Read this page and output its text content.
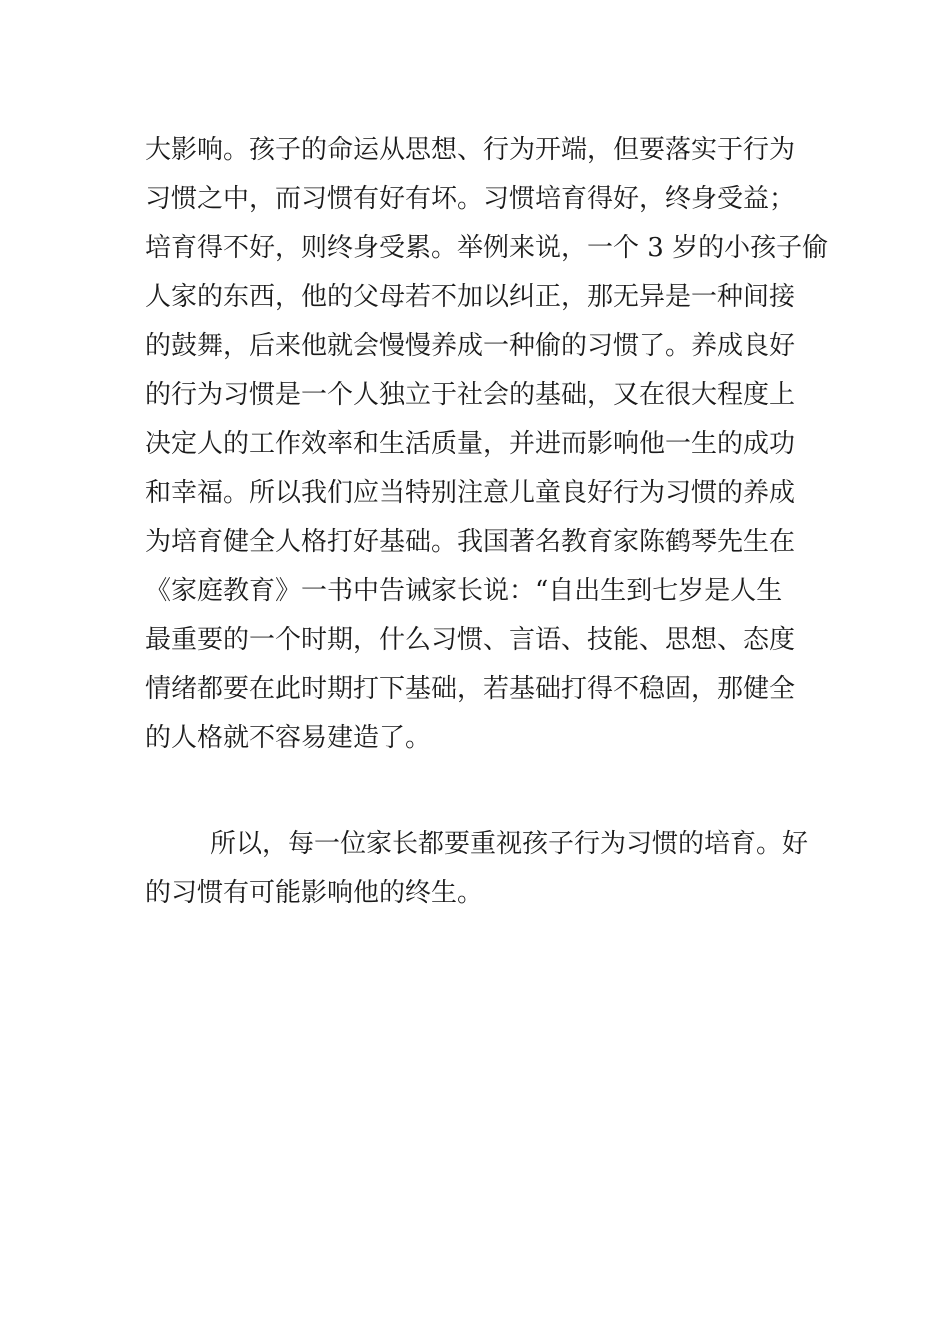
大影响。孩子的命运从思想、行为开端，但要落实于行为
习惯之中，而习惯有好有坏。习惯培育得好，终身受益；
培育得不好，则终身受累。举例来说，一个 3 岁的小孩子偷
人家的东西，他的父母若不加以纠正，那无异是一种间接
的鼓舞，后来他就会慢慢养成一种偷的习惯了。养成良好
的行为习惯是一个人独立于社会的基础，又在很大程度上
决定人的工作效率和生活质量，并进而影响他一生的成功
和幸福。所以我们应当特别注意儿童良好行为习惯的养成
为培育健全人格打好基础。我国著名教育家陈鹤琴先生在
《家庭教育》一书中告诫家长说：“自出生到七岁是人生
最重要的一个时期，什么习惯、言语、技能、思想、态度
情绪都要在此时期打下基础，若基础打得不稳固，那健全
的人格就不容易建造了。
所以，每一位家长都要重视孩子行为习惯的培育。好
的习惯有可能影响他的终生。
